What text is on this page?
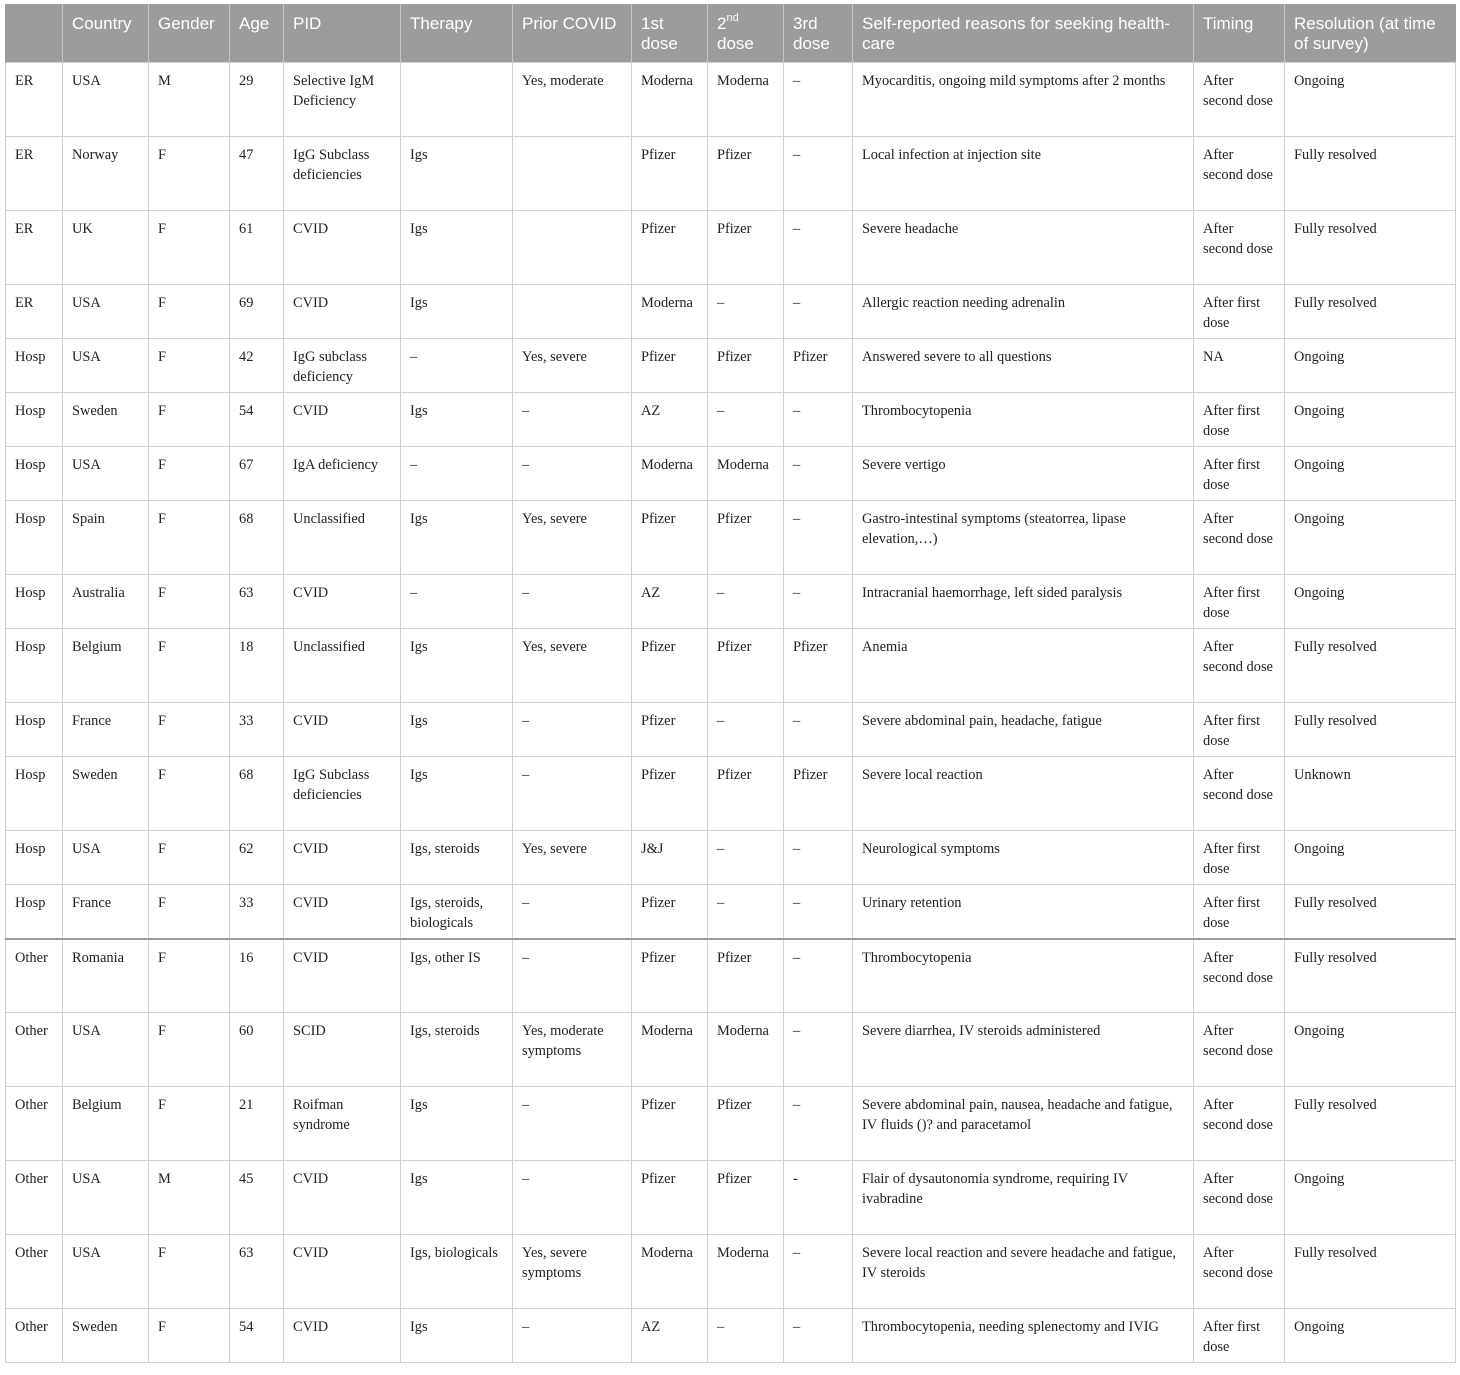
	Country	Gender	Age	PID	Therapy	Prior COVID	1st dose	2nd dose	3rd dose	Self-reported reasons for seeking health-care	Timing	Resolution (at time of survey)
ER	USA	M	29	Selective IgM Deficiency		Yes, moderate	Moderna	Moderna	–	Myocarditis, ongoing mild symptoms after 2 months	After second dose	Ongoing
ER	Norway	F	47	IgG Subclass deficiencies	Igs		Pfizer	Pfizer	–	Local infection at injection site	After second dose	Fully resolved
ER	UK	F	61	CVID	Igs		Pfizer	Pfizer	–	Severe headache	After second dose	Fully resolved
ER	USA	F	69	CVID	Igs		Moderna	–	–	Allergic reaction needing adrenalin	After first dose	Fully resolved
Hosp	USA	F	42	IgG subclass deficiency	–	Yes, severe	Pfizer	Pfizer	Pfizer	Answered severe to all questions	NA	Ongoing
Hosp	Sweden	F	54	CVID	Igs	–	AZ	–	–	Thrombocytopenia	After first dose	Ongoing
Hosp	USA	F	67	IgA deficiency	–	–	Moderna	Moderna	–	Severe vertigo	After first dose	Ongoing
Hosp	Spain	F	68	Unclassified	Igs	Yes, severe	Pfizer	Pfizer	–	Gastro-intestinal symptoms (steatorrea, lipase elevation,…)	After second dose	Ongoing
Hosp	Australia	F	63	CVID	–	–	AZ	–	–	Intracranial haemorrhage, left sided paralysis	After first dose	Ongoing
Hosp	Belgium	F	18	Unclassified	Igs	Yes, severe	Pfizer	Pfizer	Pfizer	Anemia	After second dose	Fully resolved
Hosp	France	F	33	CVID	Igs	–	Pfizer	–	–	Severe abdominal pain, headache, fatigue	After first dose	Fully resolved
Hosp	Sweden	F	68	IgG Subclass deficiencies	Igs	–	Pfizer	Pfizer	Pfizer	Severe local reaction	After second dose	Unknown
Hosp	USA	F	62	CVID	Igs, steroids	Yes, severe	J&J	–	–	Neurological symptoms	After first dose	Ongoing
Hosp	France	F	33	CVID	Igs, steroids, biologicals	–	Pfizer	–	–	Urinary retention	After first dose	Fully resolved
Other	Romania	F	16	CVID	Igs, other IS	–	Pfizer	Pfizer	–	Thrombocytopenia	After second dose	Fully resolved
Other	USA	F	60	SCID	Igs, steroids	Yes, moderate symptoms	Moderna	Moderna	–	Severe diarrhea, IV steroids administered	After second dose	Ongoing
Other	Belgium	F	21	Roifman syndrome	Igs	–	Pfizer	Pfizer	–	Severe abdominal pain, nausea, headache and fatigue, IV fluids ()? and paracetamol	After second dose	Fully resolved
Other	USA	M	45	CVID	Igs	–	Pfizer	Pfizer	-	Flair of dysautonomia syndrome, requiring IV ivabradine	After second dose	Ongoing
Other	USA	F	63	CVID	Igs, biologicals	Yes, severe symptoms	Moderna	Moderna	–	Severe local reaction and severe headache and fatigue, IV steroids	After second dose	Fully resolved
Other	Sweden	F	54	CVID	Igs	–	AZ	–	–	Thrombocytopenia, needing splenectomy and IVIG	After first dose	Ongoing
